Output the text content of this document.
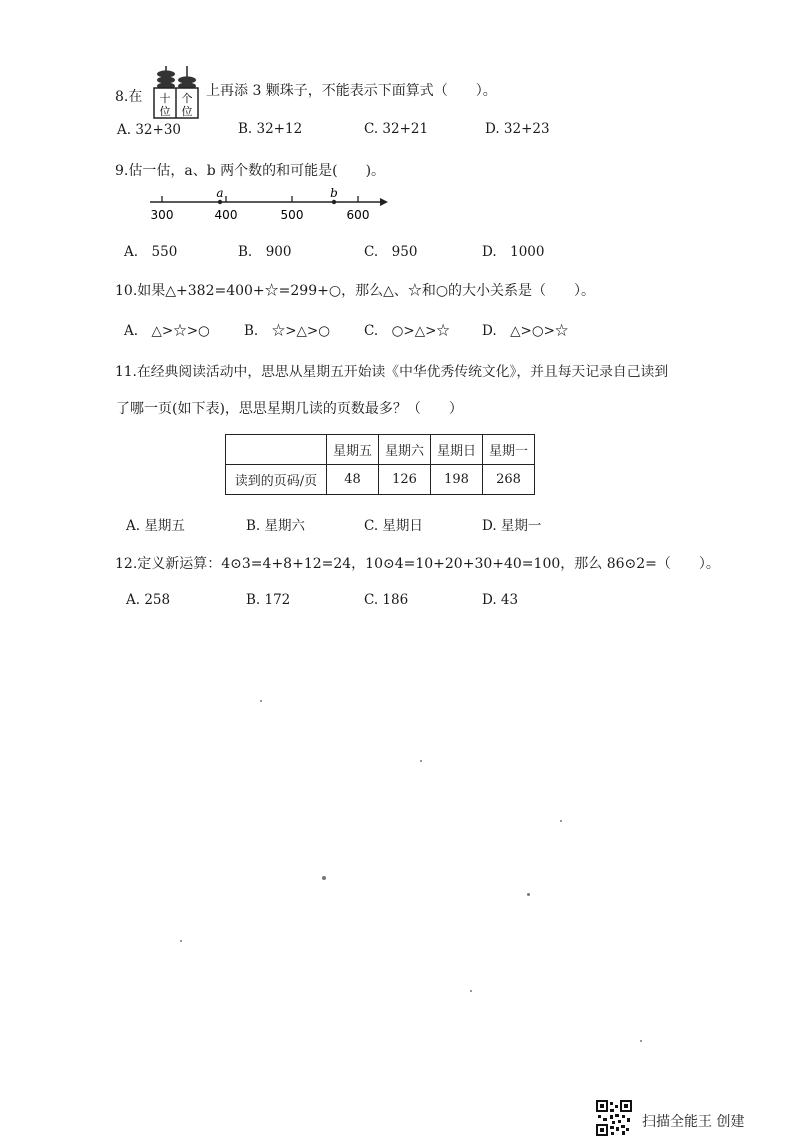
8.在 十
位
个
位
上再添 3 颗珠子，不能表示下面算式（　　）。
A. 32+30	B. 32+12	C. 32+21	D. 32+23
9.估一估，a、b 两个数的和可能是(　　)。
a	b
300	400	500	600
A.　550	B.　900	C.　950	D.　1000
10.如果△+382=400+☆=299+○，那么△、☆和○的大小关系是（　　）。
A.　△>☆>○	B.　☆>△>○	C.　○>△>☆ D.　△>○>☆
11.在经典阅读活动中，思思从星期五开始读《中华优秀传统文化》，并且每天记录自己读到
了哪一页(如下表)，思思星期几读的页数最多？（　　）
	星期五	星期六	星期日	星期一
读到的页码/页	48	126	198	268
A. 星期五	B. 星期六	C. 星期日	D. 星期一
12.定义新运算：4⊙3=4+8+12=24，10⊙4=10+20+30+40=100，那么 86⊙2=（　　）。
A. 258	B. 172	C. 186	D. 43
扫描全能王 创建
